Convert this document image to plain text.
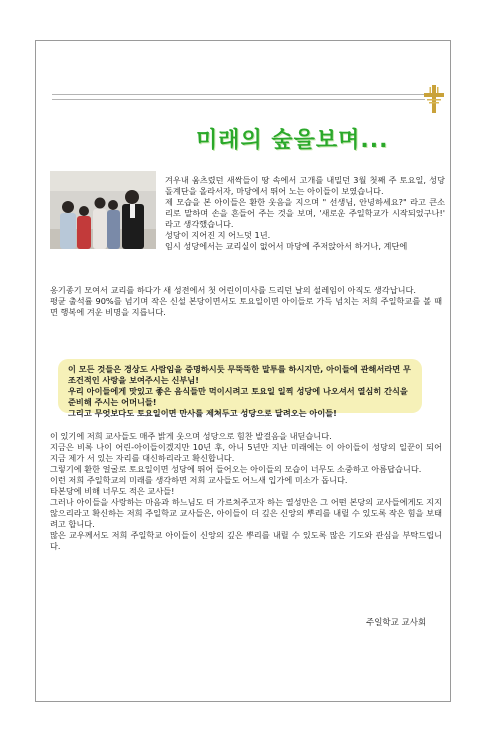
미래의 숲을보며...

겨우내 움츠렸던 새싹들이 땅 속에서 고개를 내밀던 3월 첫째 주 토요일, 성당 돌계단을 올라서자, 마당에서 뛰어 노는 아이들이 보였습니다.

제 모습을 본 아이들은 환한 웃음을 지으며 " 선생님, 안녕하세요?" 라고 큰소리로 말하며 손을 흔들어 주는 것을 보며, '새로운 주일학교가 시작되었구나!' 라고 생각했습니다.

성당이 지어진 지 어느덧 1년.

임시 성당에서는 교리실이 없어서 마당에 주저앉아서 하거나, 계단에

옹기종기 모여서 교리를 하다가 새 성전에서 첫 어린이미사를 드리던 날의 설레임이 아직도 생각납니다.

평균 출석률 90%를 넘기며 작은 신설 본당이면서도 토요일이면 아이들로 가득 넘치는 저희 주일학교를 볼 때면 행복에 겨운 비명을 지릅니다.

이 모든 것들은 경상도 사람임을 증명하시듯 무뚝뚝한 말투를 하시지만, 아이들에 관해서라면 무조건적인 사랑을 보여주시는 신부님!

우리 아이들에게 맛있고 좋은 음식들만 먹이시려고 토요일 일찍 성당에 나오셔서 열심히 간식을 준비해 주시는 어머니들!

그리고 무엇보다도 토요일이면 만사를 제쳐두고 성당으로 달려오는 아이들!

이 있기에 저희 교사들도 매주 밝게 웃으며 성당으로 힘찬 발걸음을 내딛습니다.

지금은 비록 나이 어린-아이들이겠지만 10년 후, 아니 5년만 지난 미래에는 이 아이들이 성당의 일꾼이 되어 지금 제가 서 있는 자리를 대신하리라고 확신합니다.

그렇기에 환한 얼굴로 토요일이면 성당에 뛰어 들어오는 아이들의 모습이 너무도 소중하고 아름답습니다.

이런 저희 주일학교의 미래를 생각하면 저희 교사들도 어느새 입가에 미소가 돕니다.

타본당에 비해 너무도 적은 교사들!

그러나 아이들을 사랑하는 마음과 하느님도 더 가르쳐주고자 하는 열성만은 그 어떤 본당의 교사들에게도 지지 않으리라고 확신하는 저희 주일학교 교사들은, 아이들이 더 깊은 신앙의 뿌리를 내릴 수 있도록 작은 힘을 보태려고 합니다.

많은 교우께서도 저희 주일학교 아이들이 신앙의 깊은 뿌리를 내릴 수 있도록 많은 기도와 관심을 부탁드립니다.

주일학교 교사회
